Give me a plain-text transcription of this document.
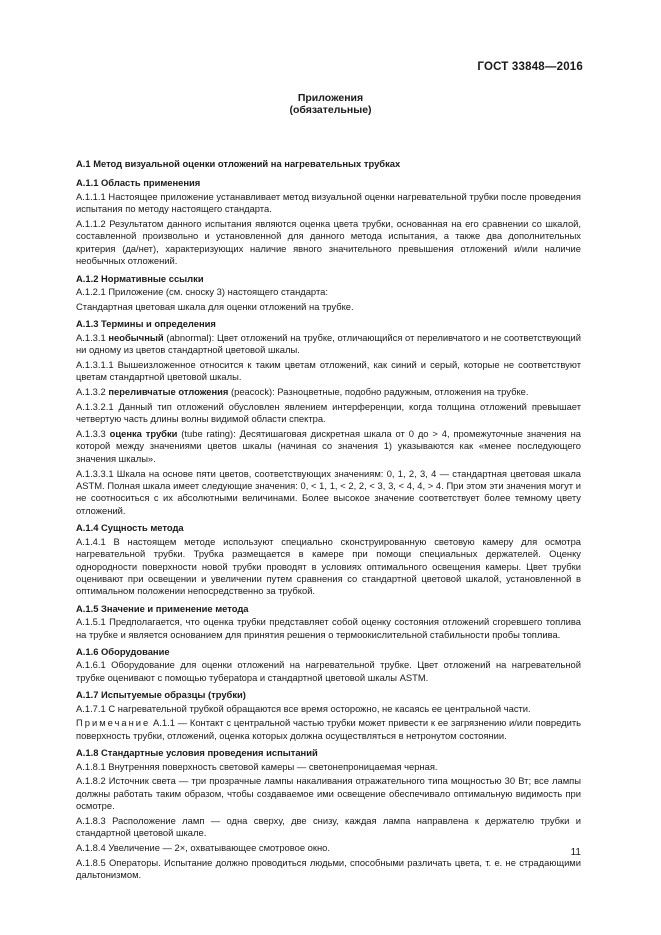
ГОСТ 33848—2016
Приложения
(обязательные)
А.1 Метод визуальной оценки отложений на нагревательных трубках
А.1.1 Область применения

А.1.1.1 Настоящее приложение устанавливает метод визуальной оценки нагревательной трубки после проведения испытания по методу настоящего стандарта.

А.1.1.2 Результатом данного испытания являются оценка цвета трубки, основанная на его сравнении со шкалой, составленной произвольно и установленной для данного метода испытания, а также два дополнительных критерия (да/нет), характеризующих наличие явного значительного превышения отложений и/или наличие необычных отложений.

А.1.2 Нормативные ссылки

А.1.2.1 Приложение (см. сноску 3) настоящего стандарта:

Стандартная цветовая шкала для оценки отложений на трубке.

А.1.3 Термины и определения

А.1.3.1 необычный (abnormal): Цвет отложений на трубке, отличающийся от переливчатого и не соответствующий ни одному из цветов стандартной цветовой шкалы.

А.1.3.1.1 Вышеизложенное относится к таким цветам отложений, как синий и серый, которые не соответствуют цветам стандартной цветовой шкалы.

А.1.3.2 переливчатые отложения (peacock): Разноцветные, подобно радужным, отложения на трубке.

А.1.3.2.1 Данный тип отложений обусловлен явлением интерференции, когда толщина отложений превышает четвертую часть длины волны видимой области спектра.

А.1.3.3 оценка трубки (tube rating): Десятишаговая дискретная шкала от 0 до > 4, промежуточные значения на которой между значениями цветов шкалы (начиная со значения 1) указываются как «менее последующего значения шкалы».

А.1.3.3.1 Шкала на основе пяти цветов, соответствующих значениям: 0, 1, 2, 3, 4 — стандартная цветовая шкала ASTM. Полная шкала имеет следующие значения: 0, < 1, 1, < 2, 2, < 3, 3, < 4, 4, > 4. При этом эти значения могут и не соотноситься с их абсолютными величинами. Более высокое значение соответствует более темному цвету отложений.

А.1.4 Сущность метода

А.1.4.1 В настоящем методе используют специально сконструированную световую камеру для осмотра нагревательной трубки. Трубка размещается в камере при помощи специальных держателей. Оценку однородности поверхности новой трубки проводят в условиях оптимального освещения камеры. Цвет трубки оценивают при освещении и увеличении путем сравнения со стандартной цветовой шкалой, установленной в оптимальном положении непосредственно за трубкой.

А.1.5 Значение и применение метода

А.1.5.1 Предполагается, что оценка трубки представляет собой оценку состояния отложений сгоревшего топлива на трубке и является основанием для принятия решения о термоокислительной стабильности пробы топлива.

А.1.6 Оборудование

А.1.6.1 Оборудование для оценки отложений на нагревательной трубке. Цвет отложений на нагревательной трубке оценивают с помощью туберatора и стандартной цветовой шкалы ASTM.

А.1.7 Испытуемые образцы (трубки)

А.1.7.1 С нагревательной трубкой обращаются все время осторожно, не касаясь ее центральной части.

Примечание А.1.1 — Контакт с центральной частью трубки может привести к ее загрязнению и/или повредить поверхность трубки, отложений, оценка которых должна осуществляться в нетронутом состоянии.

А.1.8 Стандартные условия проведения испытаний

А.1.8.1 Внутренняя поверхность световой камеры — светонепроницаемая черная.

А.1.8.2 Источник света — три прозрачные лампы накаливания отражательного типа мощностью 30 Вт; все лампы должны работать таким образом, чтобы создаваемое ими освещение обеспечивало оптимальную видимость при осмотре.

А.1.8.3 Расположение ламп — одна сверху, две снизу, каждая лампа направлена к держателю трубки и стандартной цветовой шкале.

А.1.8.4 Увеличение — 2×, охватывающее смотровое окно.

А.1.8.5 Операторы. Испытание должно проводиться людьми, способными различать цвета, т. е. не страдающими дальтонизмом.

11
